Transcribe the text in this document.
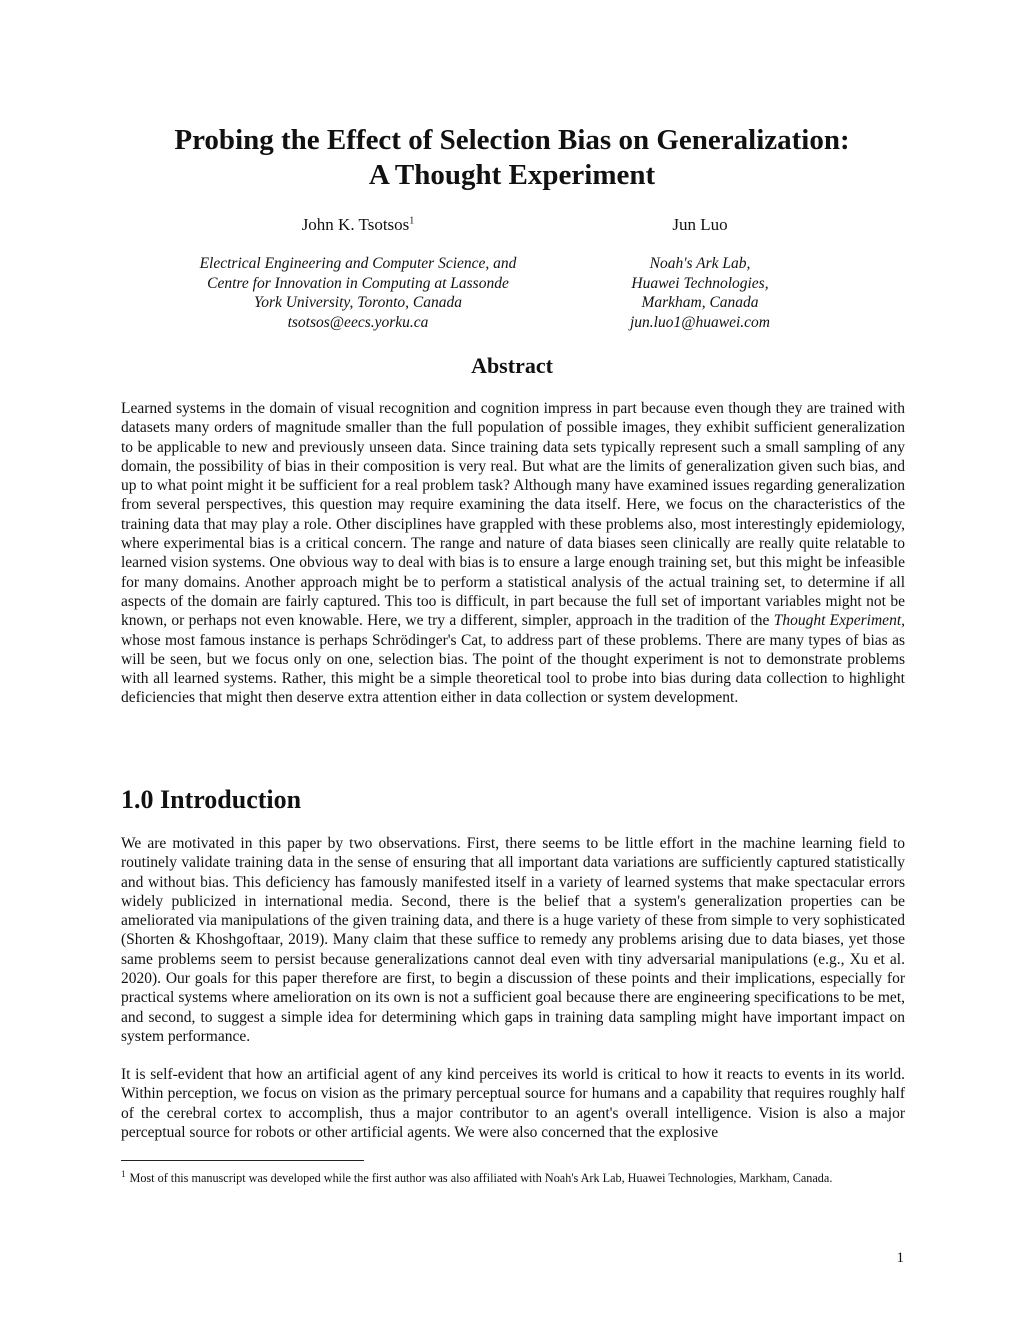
Probing the Effect of Selection Bias on Generalization:
A Thought Experiment
John K. Tsotsos$^1$
Electrical Engineering and Computer Science, and
Centre for Innovation in Computing at Lassonde
York University, Toronto, Canada
tsotsos@eecs.yorku.ca
Jun Luo
Noah's Ark Lab,
Huawei Technologies,
Markham, Canada
jun.luo1@huawei.com
Abstract

Learned systems in the domain of visual recognition and cognition impress in part because even though they are trained with datasets many orders of magnitude smaller than the full population of possible images, they exhibit sufficient generalization to be applicable to new and previously unseen data. Since training data sets typically represent such a small sampling of any domain, the possibility of bias in their composition is very real. But what are the limits of generalization given such bias, and up to what point might it be sufficient for a real problem task? Although many have examined issues regarding generalization from several perspectives, this question may require examining the data itself. Here, we focus on the characteristics of the training data that may play a role. Other disciplines have grappled with these problems also, most interestingly epidemiology, where experimental bias is a critical concern. The range and nature of data biases seen clinically are really quite relatable to learned vision systems. One obvious way to deal with bias is to ensure a large enough training set, but this might be infeasible for many domains. Another approach might be to perform a statistical analysis of the actual training set, to determine if all aspects of the domain are fairly captured. This too is difficult, in part because the full set of important variables might not be known, or perhaps not even knowable. Here, we try a different, simpler, approach in the tradition of the Thought Experiment, whose most famous instance is perhaps Schrödinger's Cat, to address part of these problems. There are many types of bias as will be seen, but we focus only on one, selection bias. The point of the thought experiment is not to demonstrate problems with all learned systems. Rather, this might be a simple theoretical tool to probe into bias during data collection to highlight deficiencies that might then deserve extra attention either in data collection or system development.

1.0 Introduction

We are motivated in this paper by two observations. First, there seems to be little effort in the machine learning field to routinely validate training data in the sense of ensuring that all important data variations are sufficiently captured statistically and without bias. This deficiency has famously manifested itself in a variety of learned systems that make spectacular errors widely publicized in international media. Second, there is the belief that a system's generalization properties can be ameliorated via manipulations of the given training data, and there is a huge variety of these from simple to very sophisticated (Shorten & Khoshgoftaar, 2019). Many claim that these suffice to remedy any problems arising due to data biases, yet those same problems seem to persist because generalizations cannot deal even with tiny adversarial manipulations (e.g., Xu et al. 2020). Our goals for this paper therefore are first, to begin a discussion of these points and their implications, especially for practical systems where amelioration on its own is not a sufficient goal because there are engineering specifications to be met, and second, to suggest a simple idea for determining which gaps in training data sampling might have important impact on system performance.

It is self-evident that how an artificial agent of any kind perceives its world is critical to how it reacts to events in its world. Within perception, we focus on vision as the primary perceptual source for humans and a capability that requires roughly half of the cerebral cortex to accomplish, thus a major contributor to an agent's overall intelligence. Vision is also a major perceptual source for robots or other artificial agents. We were also concerned that the explosive

$^1$ Most of this manuscript was developed while the first author was also affiliated with Noah's Ark Lab, Huawei Technologies, Markham, Canada.
1
